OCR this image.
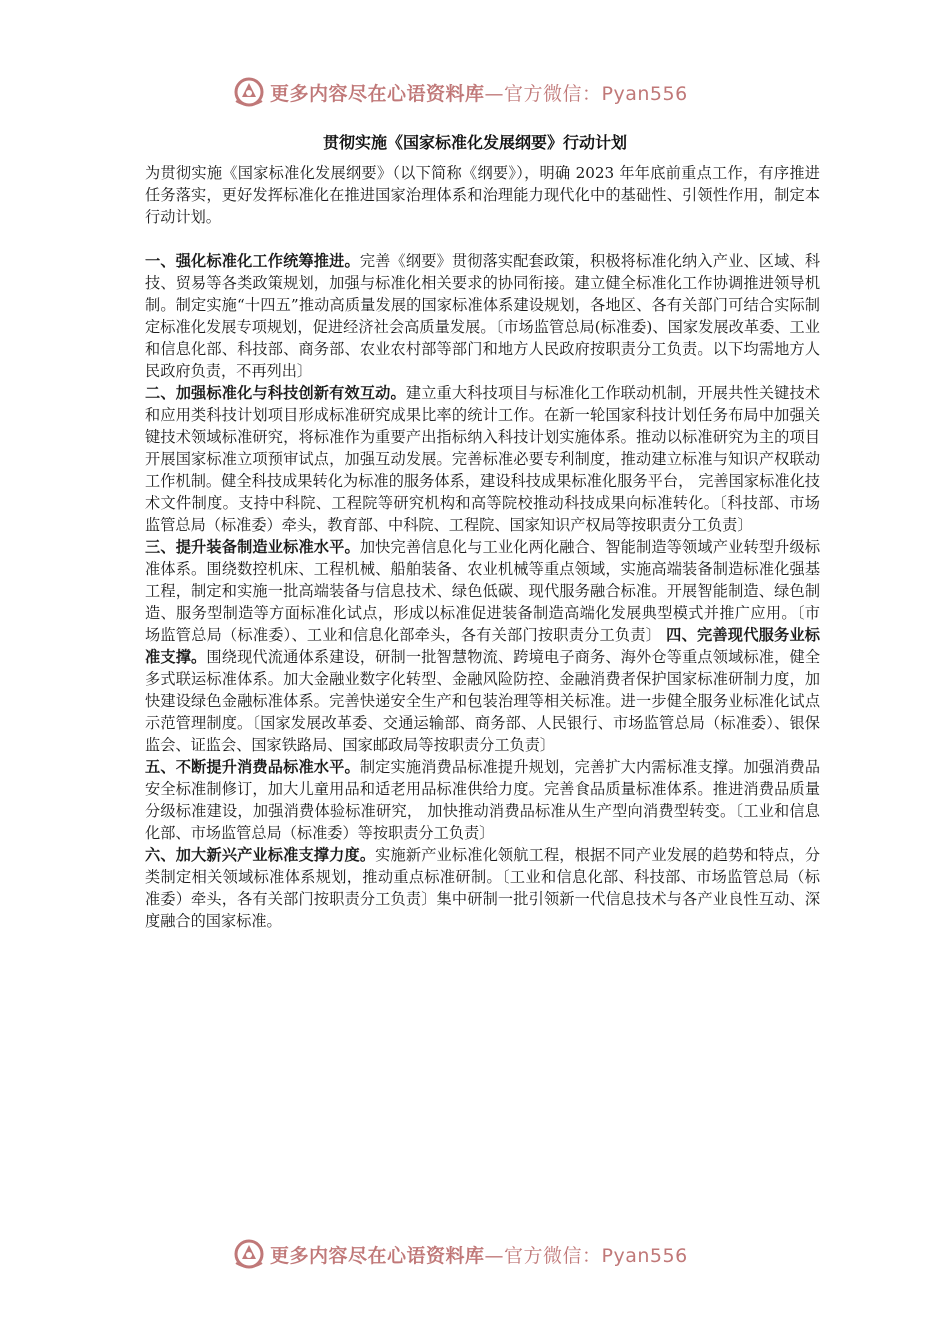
更多内容尽在心语资料库—官方微信：Pyan556
贯彻实施《国家标准化发展纲要》行动计划

为贯彻实施《国家标准化发展纲要》（以下简称《纲要》），明确 2023 年年底前重点工作，有序推进任务落实，更好发挥标准化在推进国家治理体系和治理能力现代化中的基础性、引领性作用，制定本行动计划。

一、强化标准化工作统筹推进。完善《纲要》贯彻落实配套政策，积极将标准化纳入产业、区域、科技、贸易等各类政策规划，加强与标准化相关要求的协同衔接。建立健全标准化工作协调推进领导机制。制定实施“十四五”推动高质量发展的国家标准体系建设规划，各地区、各有关部门可结合实际制定标准化发展专项规划，促进经济社会高质量发展。〔市场监管总局(标准委)、国家发展改革委、工业和信息化部、科技部、商务部、农业农村部等部门和地方人民政府按职责分工负责。以下均需地方人民政府负责，不再列出〕

二、加强标准化与科技创新有效互动。建立重大科技项目与标准化工作联动机制，开展共性关键技术和应用类科技计划项目形成标准研究成果比率的统计工作。在新一轮国家科技计划任务布局中加强关键技术领域标准研究，将标准作为重要产出指标纳入科技计划实施体系。推动以标准研究为主的项目开展国家标准立项预审试点，加强互动发展。完善标准必要专利制度，推动建立标准与知识产权联动工作机制。健全科技成果转化为标准的服务体系，建设科技成果标准化服务平台， 完善国家标准化技术文件制度。支持中科院、工程院等研究机构和高等院校推动科技成果向标准转化。〔科技部、市场监管总局（标准委）牵头，教育部、中科院、工程院、国家知识产权局等按职责分工负责〕

三、提升装备制造业标准水平。加快完善信息化与工业化两化融合、智能制造等领域产业转型升级标准体系。围绕数控机床、工程机械、船舶装备、农业机械等重点领域，实施高端装备制造标准化强基工程，制定和实施一批高端装备与信息技术、绿色低碳、现代服务融合标准。开展智能制造、绿色制造、服务型制造等方面标准化试点，形成以标准促进装备制造高端化发展典型模式并推广应用。〔市场监管总局（标准委）、工业和信息化部牵头，各有关部门按职责分工负责〕 四、完善现代服务业标准支撑。围绕现代流通体系建设，研制一批智慧物流、跨境电子商务、海外仓等重点领域标准，健全多式联运标准体系。加大金融业数字化转型、金融风险防控、金融消费者保护国家标准研制力度，加快建设绿色金融标准体系。完善快递安全生产和包装治理等相关标准。进一步健全服务业标准化试点示范管理制度。〔国家发展改革委、交通运输部、商务部、人民银行、市场监管总局（标准委）、银保监会、证监会、国家铁路局、国家邮政局等按职责分工负责〕

五、不断提升消费品标准水平。制定实施消费品标准提升规划，完善扩大内需标准支撑。加强消费品安全标准制修订，加大儿童用品和适老用品标准供给力度。完善食品质量标准体系。推进消费品质量分级标准建设，加强消费体验标准研究， 加快推动消费品标准从生产型向消费型转变。〔工业和信息化部、市场监管总局（标准委）等按职责分工负责〕

六、加大新兴产业标准支撑力度。实施新产业标准化领航工程，根据不同产业发展的趋势和特点，分类制定相关领域标准体系规划，推动重点标准研制。〔工业和信息化部、科技部、市场监管总局（标准委）牵头，各有关部门按职责分工负责〕集中研制一批引领新一代信息技术与各产业良性互动、深度融合的国家标准。

更多内容尽在心语资料库—官方微信：Pyan556
